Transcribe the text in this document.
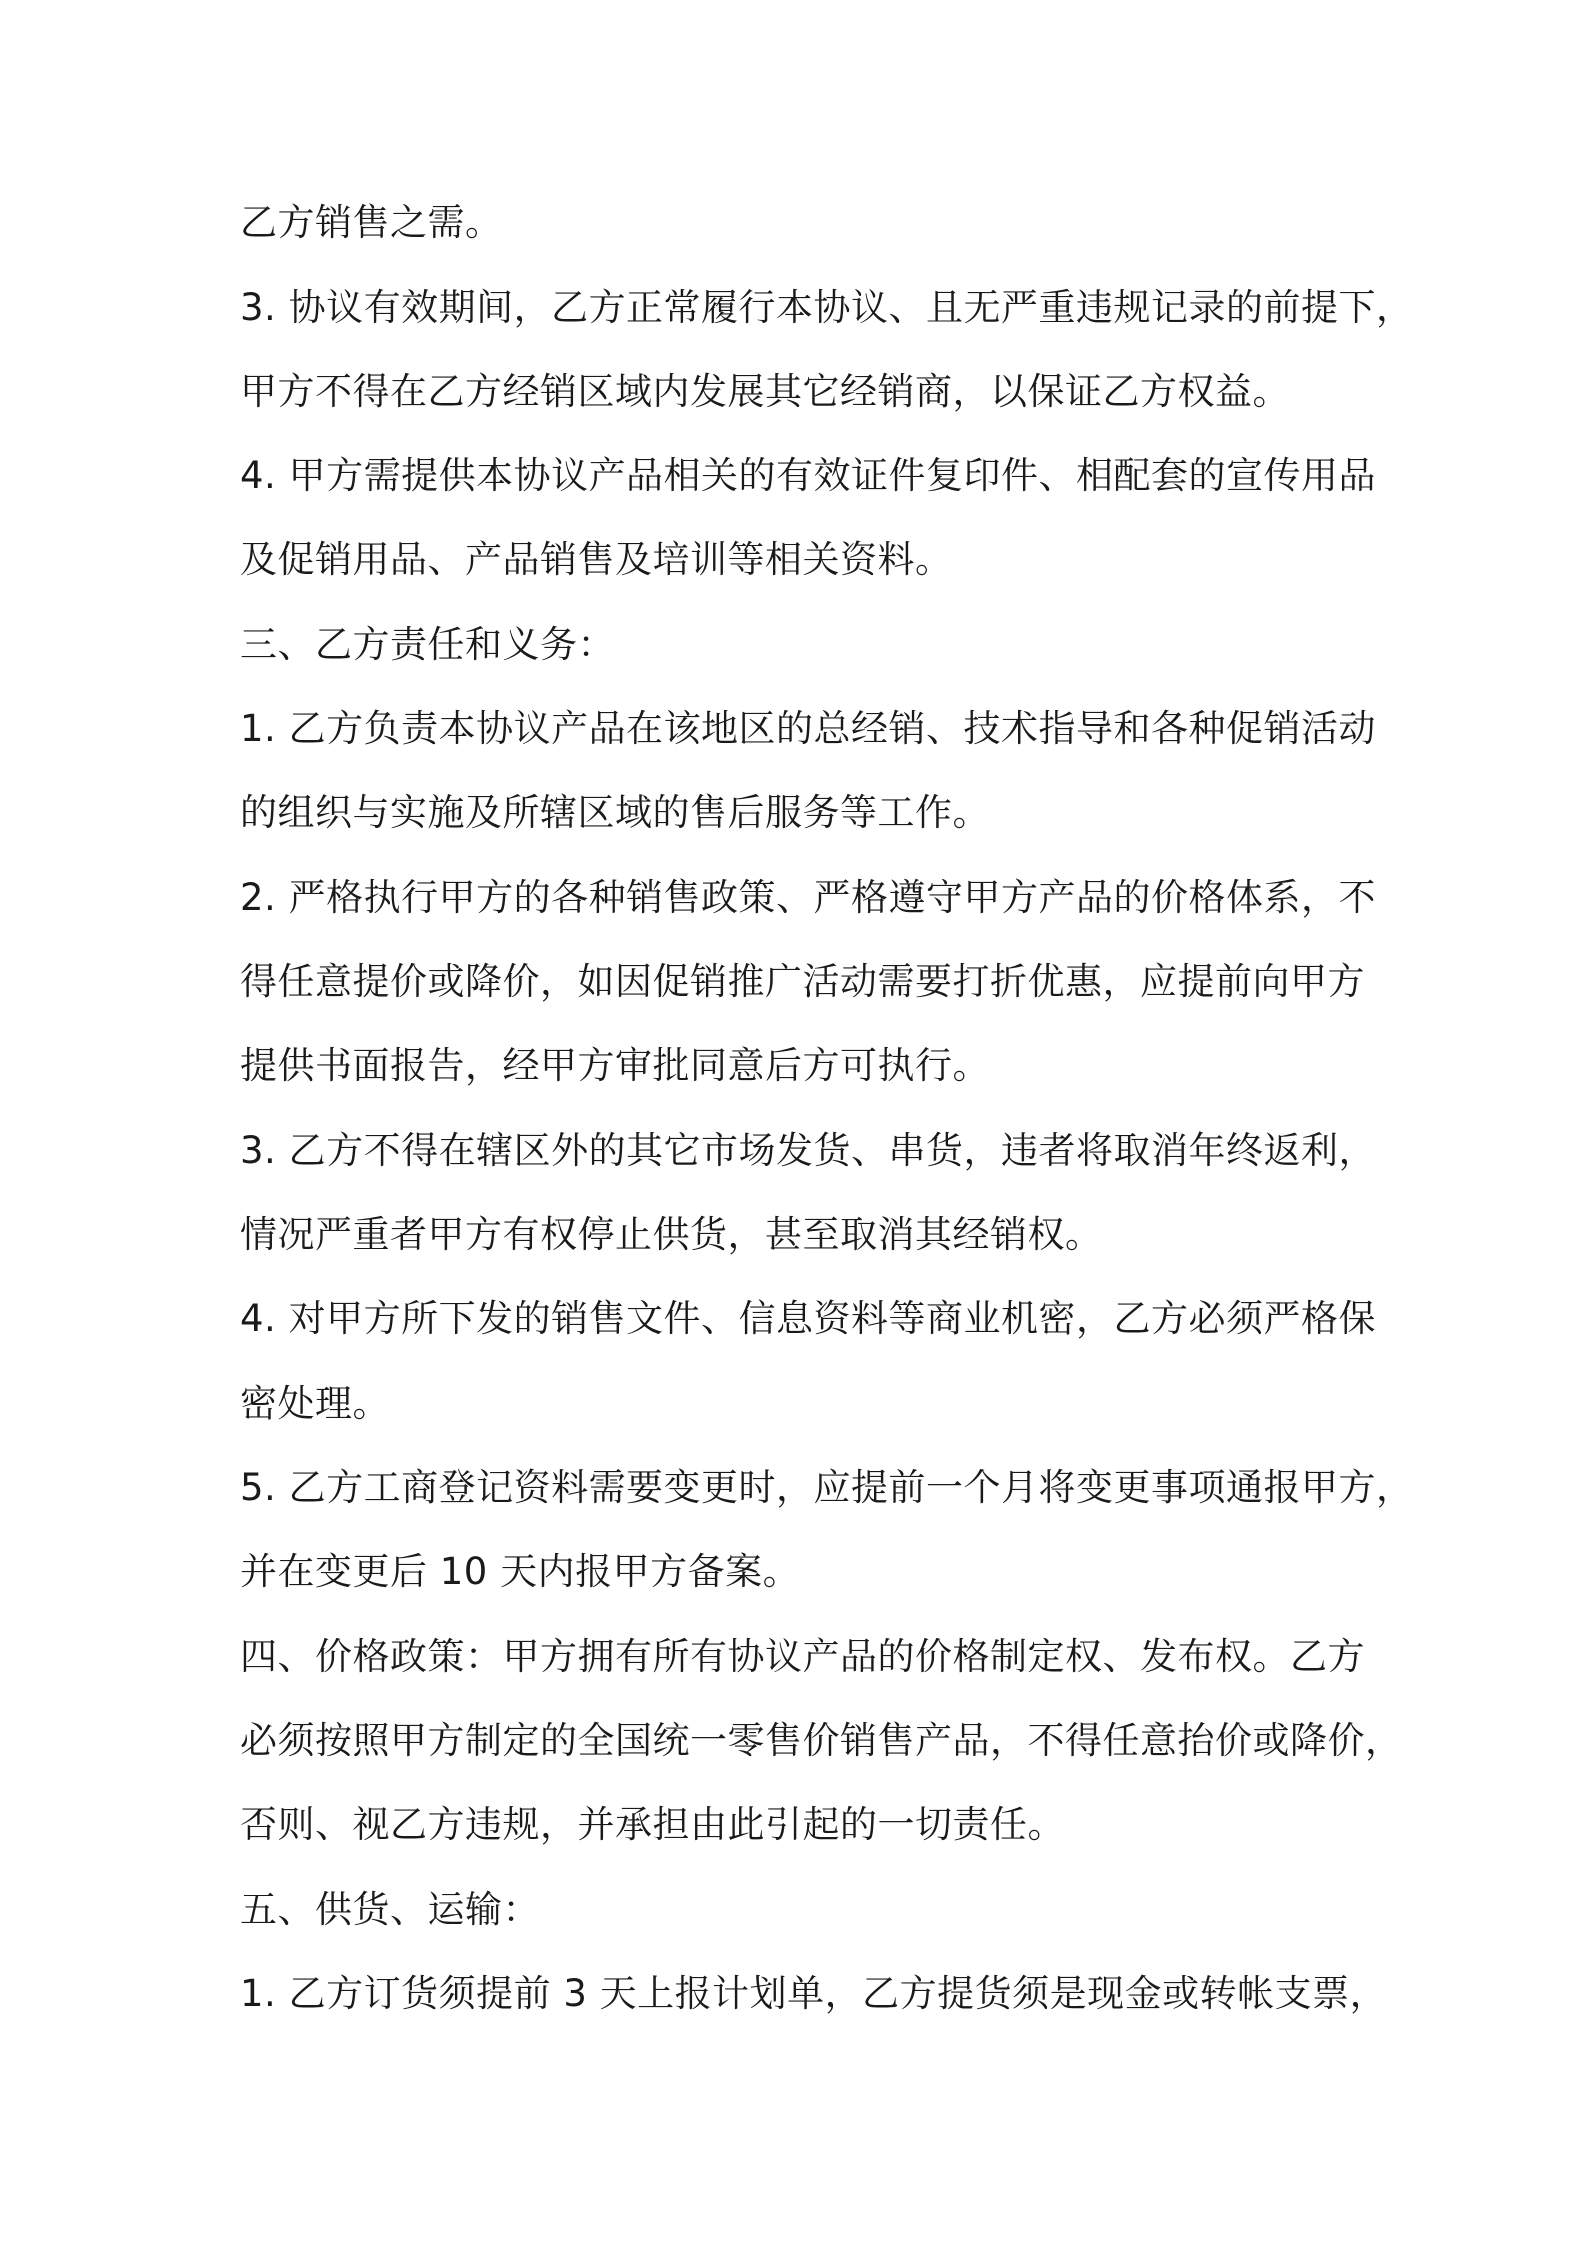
乙方销售之需。

3. 协议有效期间，乙方正常履行本协议、且无严重违规记录的前提下，

甲方不得在乙方经销区域内发展其它经销商，以保证乙方权益。

4. 甲方需提供本协议产品相关的有效证件复印件、相配套的宣传用品

及促销用品、产品销售及培训等相关资料。

三、乙方责任和义务：

1. 乙方负责本协议产品在该地区的总经销、技术指导和各种促销活动

的组织与实施及所辖区域的售后服务等工作。

2. 严格执行甲方的各种销售政策、严格遵守甲方产品的价格体系，不

得任意提价或降价，如因促销推广活动需要打折优惠，应提前向甲方

提供书面报告，经甲方审批同意后方可执行。

3. 乙方不得在辖区外的其它市场发货、串货，违者将取消年终返利，

情况严重者甲方有权停止供货，甚至取消其经销权。

4. 对甲方所下发的销售文件、信息资料等商业机密，乙方必须严格保

密处理。

5. 乙方工商登记资料需要变更时，应提前一个月将变更事项通报甲方，

并在变更后 10 天内报甲方备案。

四、价格政策：甲方拥有所有协议产品的价格制定权、发布权。乙方

必须按照甲方制定的全国统一零售价销售产品，不得任意抬价或降价，

否则、视乙方违规，并承担由此引起的一切责任。

五、供货、运输：

1. 乙方订货须提前 3 天上报计划单，乙方提货须是现金或转帐支票，
